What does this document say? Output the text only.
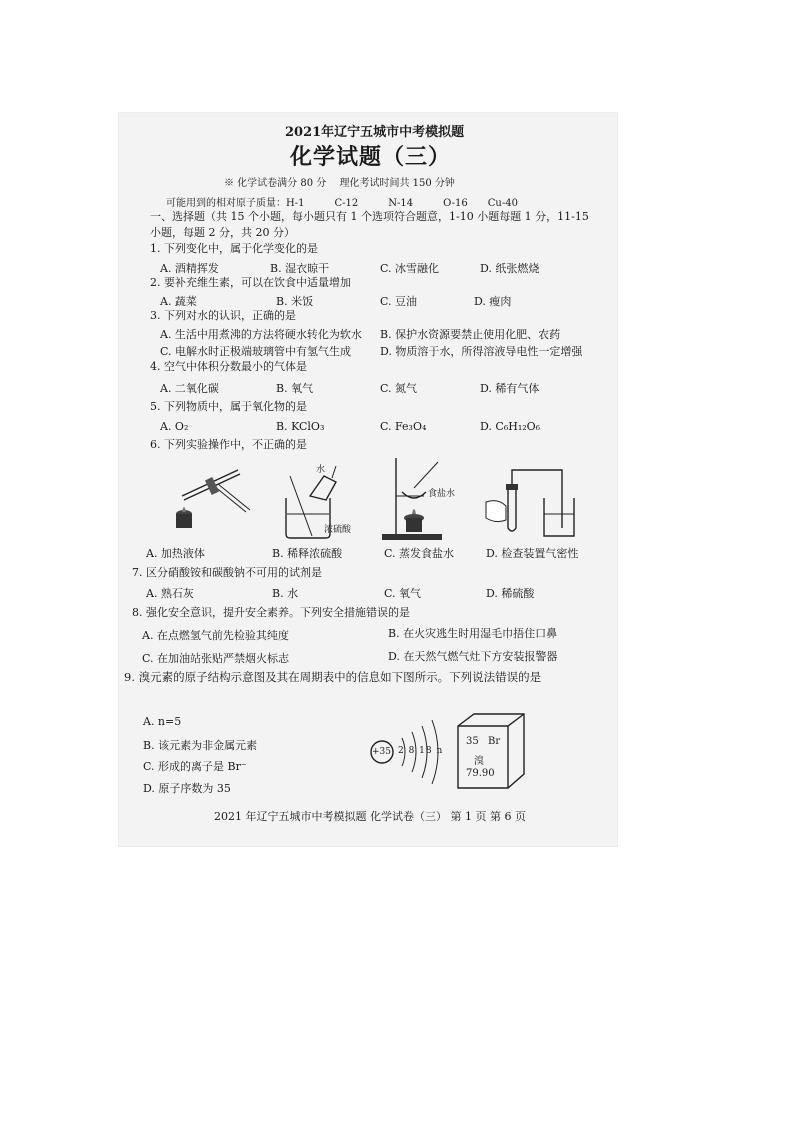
2021年辽宁五城市中考模拟题
化学试题（三）
※ 化学试卷满分 80 分　 理化考试时间共 150 分钟
可能用到的相对原子质量：H-1　　　C-12　　　N-14　　　O-16　　Cu-40
一、选择题（共 15 个小题，每小题只有 1 个选项符合题意，1-10 小题每题 1 分，11-15
小题，每题 2 分，共 20 分）
1. 下列变化中，属于化学变化的是
A. 酒精挥发	B. 湿衣晾干	C. 冰雪融化	D. 纸张燃烧
2. 要补充维生素，可以在饮食中适量增加
A. 蔬菜	B. 米饭	C. 豆油	D. 瘦肉
3. 下列对水的认识，正确的是
A. 生活中用煮沸的方法将硬水转化为软水 B. 保护水资源要禁止使用化肥、农药
C. 电解水时正极端玻璃管中有氢气生成	D. 物质溶于水，所得溶液导电性一定增强
4. 空气中体积分数最小的气体是
A. 二氧化碳	B. 氧气	C. 氮气	D. 稀有气体
5. 下列物质中，属于氧化物的是
A. O₂	B. KClO₃	C. Fe₃O₄	D. C₆H₁₂O₆
6. 下列实验操作中，不正确的是
水
浓硫酸
食盐水
A. 加热液体	B. 稀释浓硫酸	C. 蒸发食盐水	D. 检查装置气密性
7. 区分硝酸铵和碳酸钠不可用的试剂是
A. 熟石灰	B. 水	C. 氧气	D. 稀硫酸
8. 强化安全意识，提升安全素养。下列安全措施错误的是
A. 在点燃氢气前先检验其纯度	B. 在火灾逃生时用湿毛巾捂住口鼻
C. 在加油站张贴严禁烟火标志	D. 在天然气燃气灶下方安装报警器
9. 溴元素的原子结构示意图及其在周期表中的信息如下图所示。下列说法错误的是
A. n=5
B. 该元素为非金属元素
C. 形成的离子是 Br⁻
D. 原子序数为 35
+35 2 8 18 n
35 Br
溴
79.90
2021 年辽宁五城市中考模拟题 化学试卷（三） 第 1 页 第 6 页
